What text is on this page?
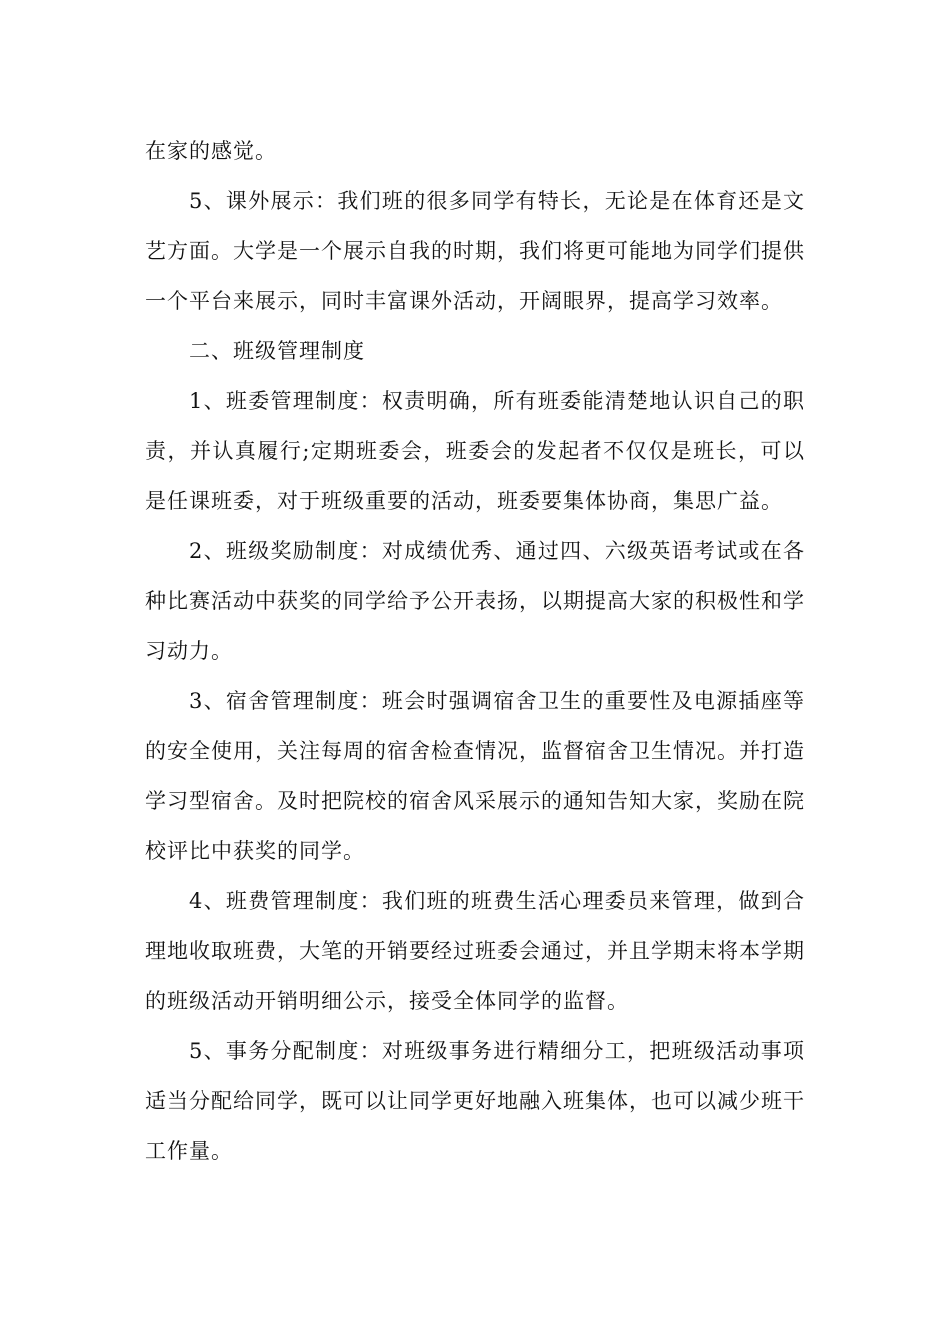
在家的感觉。

5、课外展示：我们班的很多同学有特长，无论是在体育还是文艺方面。大学是一个展示自我的时期，我们将更可能地为同学们提供一个平台来展示，同时丰富课外活动，开阔眼界，提高学习效率。

二、班级管理制度

1、班委管理制度：权责明确，所有班委能清楚地认识自己的职责，并认真履行;定期班委会，班委会的发起者不仅仅是班长，可以是任课班委，对于班级重要的活动，班委要集体协商，集思广益。

2、班级奖励制度：对成绩优秀、通过四、六级英语考试或在各种比赛活动中获奖的同学给予公开表扬，以期提高大家的积极性和学习动力。

3、宿舍管理制度：班会时强调宿舍卫生的重要性及电源插座等的安全使用，关注每周的宿舍检查情况，监督宿舍卫生情况。并打造学习型宿舍。及时把院校的宿舍风采展示的通知告知大家，奖励在院校评比中获奖的同学。

4、班费管理制度：我们班的班费生活心理委员来管理，做到合理地收取班费，大笔的开销要经过班委会通过，并且学期末将本学期的班级活动开销明细公示，接受全体同学的监督。

5、事务分配制度：对班级事务进行精细分工，把班级活动事项适当分配给同学，既可以让同学更好地融入班集体，也可以减少班干工作量。
